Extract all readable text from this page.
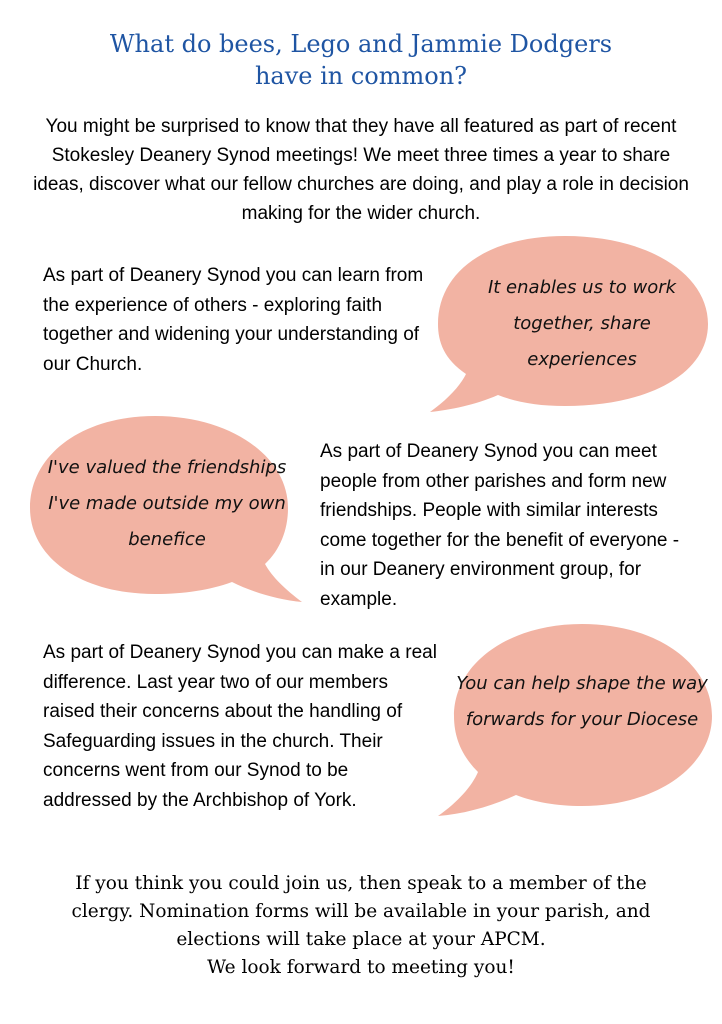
What do bees, Lego and Jammie Dodgers
have in common?

You might be surprised to know that they have all featured as part of recent Stokesley Deanery Synod meetings! We meet three times a year to share ideas, discover what our fellow churches are doing, and play a role in decision making for the wider church.

As part of Deanery Synod you can learn from the experience of others - exploring faith together and widening your understanding of our Church.

It enables us to work together, share experiences
I've valued the friendships I've made outside my own benefice

As part of Deanery Synod you can meet people from other parishes and form new friendships. People with similar interests come together for the benefit of everyone - in our Deanery environment group, for example.

As part of Deanery Synod you can make a real difference. Last year two of our members raised their concerns about the handling of Safeguarding issues in the church. Their concerns went from our Synod to be addressed by the Archbishop of York.

You can help shape the way forwards for your Diocese
If you think you could join us, then speak to a member of the
clergy. Nomination forms will be available in your parish, and
elections will take place at your APCM.
We look forward to meeting you!
